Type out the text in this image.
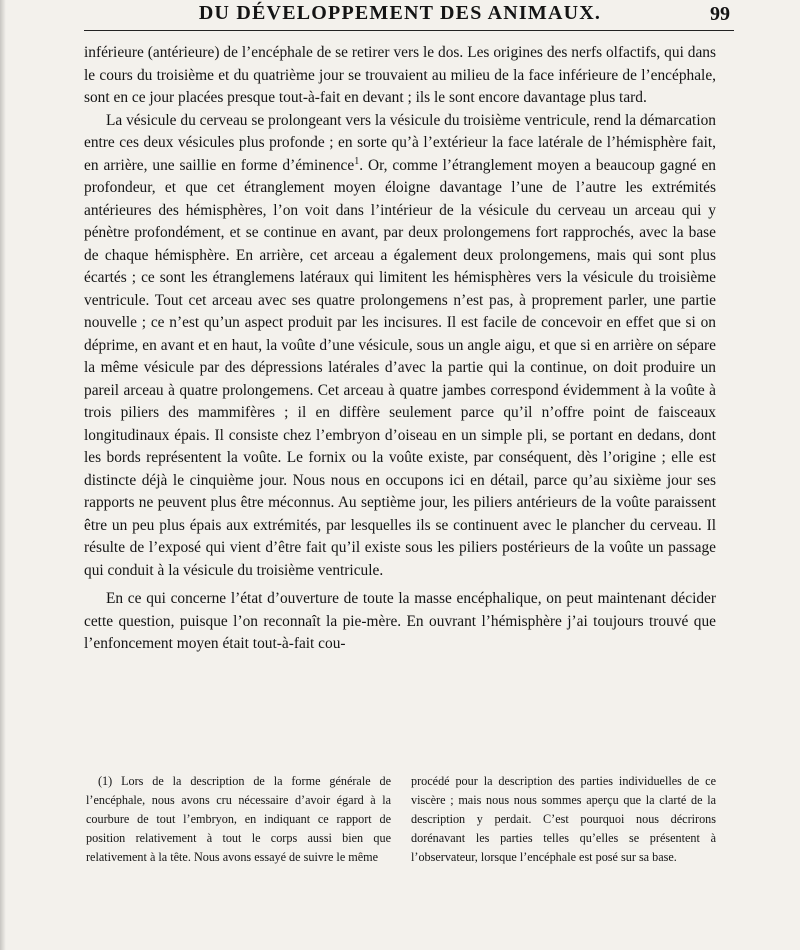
DU DÉVELOPPEMENT DES ANIMAUX.	99

inférieure (antérieure) de l’encéphale de se retirer vers le dos. Les origines des nerfs olfactifs, qui dans le cours du troisième et du quatrième jour se trouvaient au milieu de la face inférieure de l’encéphale, sont en ce jour placées presque tout-à-fait en devant ; ils le sont encore davantage plus tard.

La vésicule du cerveau se prolongeant vers la vésicule du troisième ventricule, rend la démarcation entre ces deux vésicules plus profonde ; en sorte qu’à l’extérieur la face latérale de l’hémisphère fait, en arrière, une saillie en forme d’éminence$^1$. Or, comme l’étranglement moyen a beaucoup gagné en profondeur, et que cet étranglement moyen éloigne davantage l’une de l’autre les extrémités antérieures des hémisphères, l’on voit dans l’intérieur de la vésicule du cerveau un arceau qui y pénètre profondément, et se continue en avant, par deux prolongemens fort rapprochés, avec la base de chaque hémisphère. En arrière, cet arceau a également deux prolongemens, mais qui sont plus écartés ; ce sont les étranglemens latéraux qui limitent les hémisphères vers la vésicule du troisième ventricule. Tout cet arceau avec ses quatre prolongemens n’est pas, à proprement parler, une partie nouvelle ; ce n’est qu’un aspect produit par les incisures. Il est facile de concevoir en effet que si on déprime, en avant et en haut, la voûte d’une vésicule, sous un angle aigu, et que si en arrière on sépare la même vésicule par des dépressions latérales d’avec la partie qui la continue, on doit produire un pareil arceau à quatre prolongemens. Cet arceau à quatre jambes correspond évidemment à la voûte à trois piliers des mammifères ; il en diffère seulement parce qu’il n’offre point de faisceaux longitudinaux épais. Il consiste chez l’embryon d’oiseau en un simple pli, se portant en dedans, dont les bords représentent la voûte. Le fornix ou la voûte existe, par conséquent, dès l’origine ; elle est distincte déjà le cinquième jour. Nous nous en occupons ici en détail, parce qu’au sixième jour ses rapports ne peuvent plus être méconnus. Au septième jour, les piliers antérieurs de la voûte paraissent être un peu plus épais aux extrémités, par lesquelles ils se continuent avec le plancher du cerveau. Il résulte de l’exposé qui vient d’être fait qu’il existe sous les piliers postérieurs de la voûte un passage qui conduit à la vésicule du troisième ventricule.

En ce qui concerne l’état d’ouverture de toute la masse encéphalique, on peut maintenant décider cette question, puisque l’on reconnaît la pie-mère. En ouvrant l’hémisphère j’ai toujours trouvé que l’enfoncement moyen était tout-à-fait cou-

(1) Lors de la description de la forme générale de l’encéphale, nous avons cru nécessaire d’avoir égard à la courbure de tout l’embryon, en indiquant ce rapport de position relativement à tout le corps aussi bien que relativement à la tête. Nous avons essayé de suivre le même

procédé pour la description des parties individuelles de ce viscère ; mais nous nous sommes aperçu que la clarté de la description y perdait. C’est pourquoi nous décrirons dorénavant les parties telles qu’elles se présentent à l’observateur, lorsque l’encéphale est posé sur sa base.
